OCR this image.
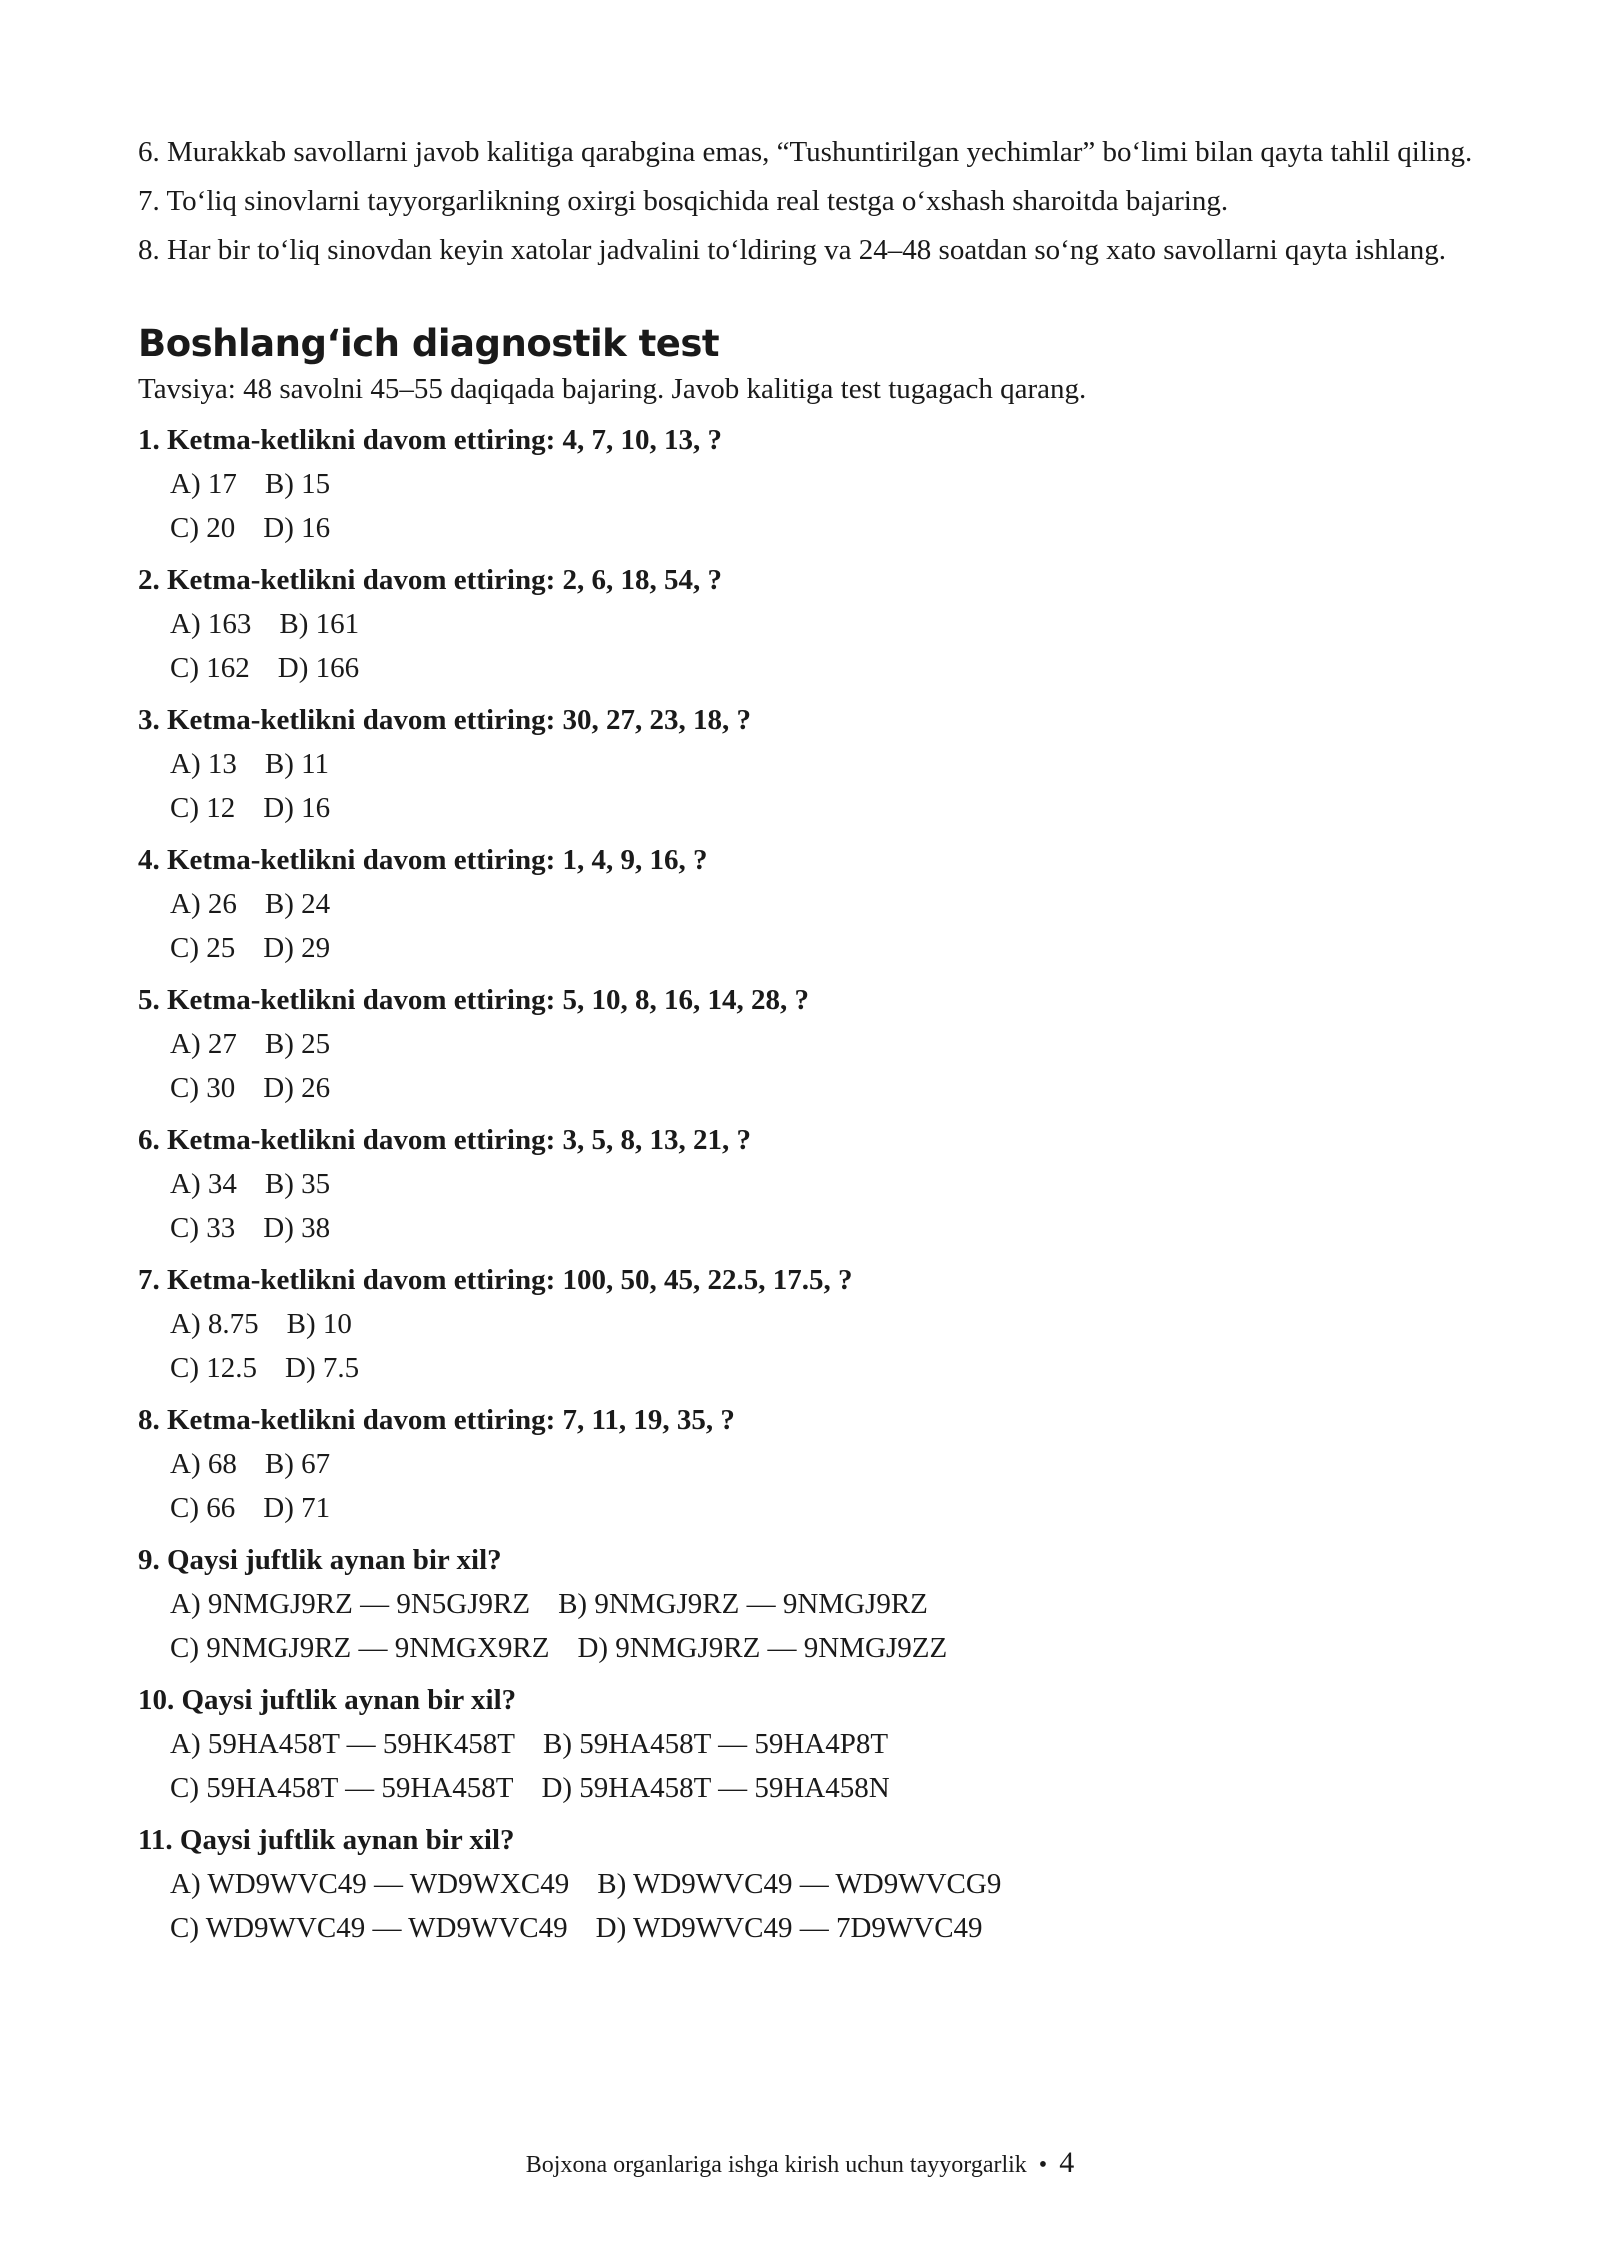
6. Murakkab savollarni javob kalitiga qarabgina emas, “Tushuntirilgan yechimlar” bo‘limi bilan qayta tahlil qiling.

7. To‘liq sinovlarni tayyorgarlikning oxirgi bosqichida real testga o‘xshash sharoitda bajaring.

8. Har bir to‘liq sinovdan keyin xatolar jadvalini to‘ldiring va 24–48 soatdan so‘ng xato savollarni qayta ishlang.

Boshlang‘ich diagnostik test

Tavsiya: 48 savolni 45–55 daqiqada bajaring. Javob kalitiga test tugagach qarang.

1. Ketma-ketlikni davom ettiring: 4, 7, 10, 13, ?
A) 17 B) 15
C) 20 D) 16
2. Ketma-ketlikni davom ettiring: 2, 6, 18, 54, ?
A) 163 B) 161
C) 162 D) 166
3. Ketma-ketlikni davom ettiring: 30, 27, 23, 18, ?
A) 13 B) 11
C) 12 D) 16
4. Ketma-ketlikni davom ettiring: 1, 4, 9, 16, ?
A) 26 B) 24
C) 25 D) 29
5. Ketma-ketlikni davom ettiring: 5, 10, 8, 16, 14, 28, ?
A) 27 B) 25
C) 30 D) 26
6. Ketma-ketlikni davom ettiring: 3, 5, 8, 13, 21, ?
A) 34 B) 35
C) 33 D) 38
7. Ketma-ketlikni davom ettiring: 100, 50, 45, 22.5, 17.5, ?
A) 8.75 B) 10
C) 12.5 D) 7.5
8. Ketma-ketlikni davom ettiring: 7, 11, 19, 35, ?
A) 68 B) 67
C) 66 D) 71
9. Qaysi juftlik aynan bir xil?
A) 9NMGJ9RZ — 9N5GJ9RZ B) 9NMGJ9RZ — 9NMGJ9RZ
C) 9NMGJ9RZ — 9NMGX9RZ D) 9NMGJ9RZ — 9NMGJ9ZZ
10. Qaysi juftlik aynan bir xil?
A) 59HA458T — 59HK458T B) 59HA458T — 59HA4P8T
C) 59HA458T — 59HA458T D) 59HA458T — 59HA458N
11. Qaysi juftlik aynan bir xil?
A) WD9WVC49 — WD9WXC49 B) WD9WVC49 — WD9WVCG9
C) WD9WVC49 — WD9WVC49 D) WD9WVC49 — 7D9WVC49
Bojxona organlariga ishga kirish uchun tayyorgarlik • 4
